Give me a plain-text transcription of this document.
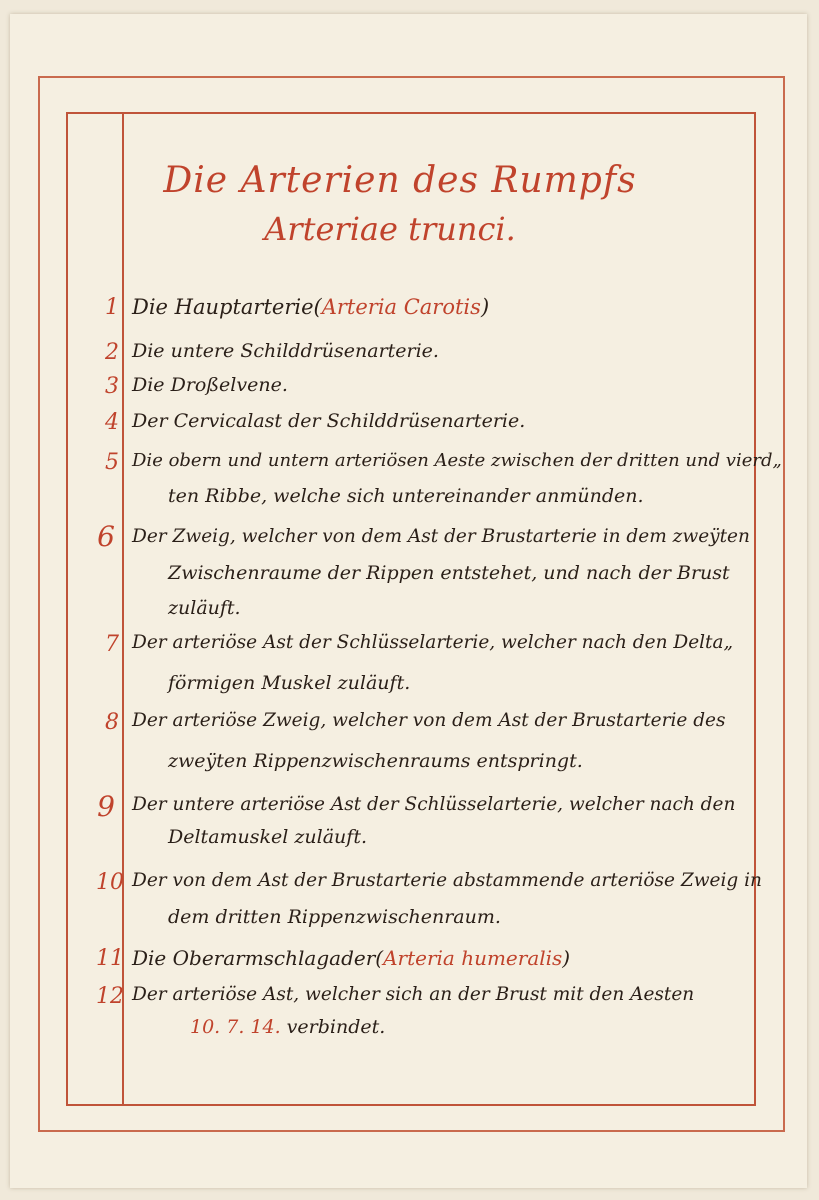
Die Arterien des Rumpfs
Arteriae trunci.
1 Die Hauptarterie(Arteria Carotis)
2 Die untere Schilddrüsenarterie.
3 Die Droßelvene.
4 Der Cervicalast der Schilddrüsenarterie.
5 Die obern und untern arteriösen Aeste zwischen der dritten und vierd„
ten Ribbe, welche sich untereinander anmünden.
6 Der Zweig, welcher von dem Ast der Brustarterie in dem zweÿten
Zwischenraume der Rippen entstehet, und nach der Brust
zuläuft.
7 Der arteriöse Ast der Schlüsselarterie, welcher nach den Delta„
förmigen Muskel zuläuft.
8 Der arteriöse Zweig, welcher von dem Ast der Brustarterie des
zweÿten Rippenzwischenraums entspringt.
9 Der untere arteriöse Ast der Schlüsselarterie, welcher nach den
Deltamuskel zuläuft.
10 Der von dem Ast der Brustarterie abstammende arteriöse Zweig in
dem dritten Rippenzwischenraum.
11 Die Oberarmschlagader(Arteria humeralis)
12 Der arteriöse Ast, welcher sich an der Brust mit den Aesten
10. 7. 14. verbindet.
